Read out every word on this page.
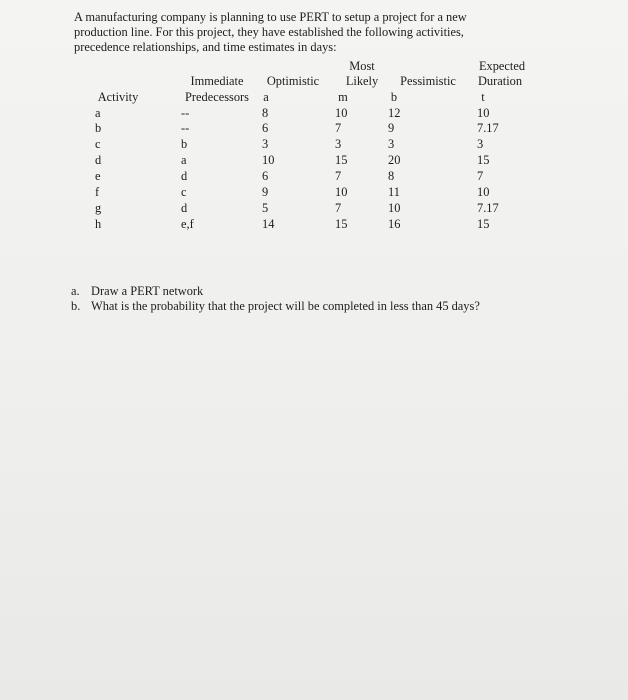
A manufacturing company is planning to use PERT to setup a project for a new
production line. For this project, they have established the following activities,
precedence relationships, and time estimates in days:
Most	Expected
Immediate Optimistic Likely Pessimistic Duration
Activity	Predecessors a	m	b	t
a	--	8	10	12	10
b	--	6	7	9	7.17
c	b	3	3	3	3
d	a	10	15	20	15
e	d	6	7	8	7
f	c	9	10	11	10
g	d	5	7	10	7.17
h	e,f	14	15	16	15
a. Draw a PERT network
b. What is the probability that the project will be completed in less than 45 days?
